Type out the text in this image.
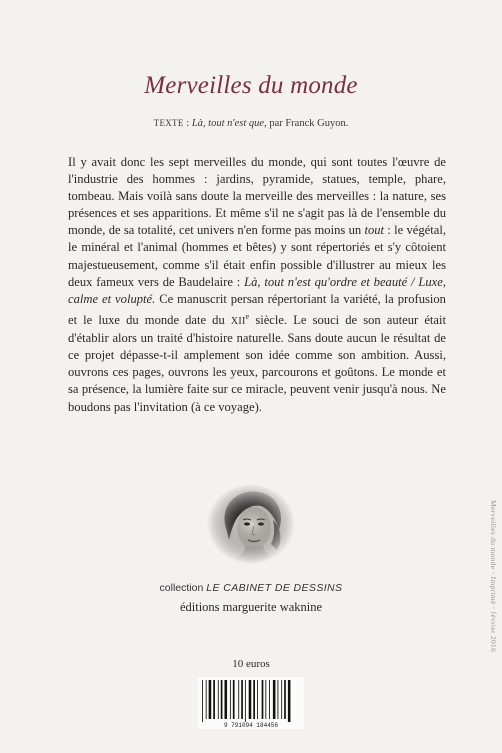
Merveilles du monde
TEXTE : Là, tout n'est que, par Franck Guyon.

Il y avait donc les sept merveilles du monde, qui sont toutes l'œuvre de l'industrie des hommes : jardins, pyramide, statues, temple, phare, tombeau. Mais voilà sans doute la merveille des merveilles : la nature, ses présences et ses apparitions. Et même s'il ne s'agit pas là de l'ensemble du monde, de sa totalité, cet univers n'en forme pas moins un tout : le végétal, le minéral et l'animal (hommes et bêtes) y sont répertoriés et s'y côtoient majestueusement, comme s'il était enfin possible d'illustrer au mieux les deux fameux vers de Baudelaire : Là, tout n'est qu'ordre et beauté / Luxe, calme et volupté. Ce manuscrit persan répertoriant la variété, la profusion et le luxe du monde date du XIIe siècle. Le souci de son auteur était d'établir alors un traité d'histoire naturelle. Sans doute aucun le résultat de ce projet dépasse-t-il amplement son idée comme son ambition. Aussi, ouvrons ces pages, ouvrons les yeux, parcourons et goûtons. Le monde et sa présence, la lumière faite sur ce miracle, peuvent venir jusqu'à nous. Ne boudons pas l'invitation (à ce voyage).

collection LE CABINET DE DESSINS
éditions marguerite waknine
10 euros
9 791094 184456
Merveilles du monde · Imprimé · février 2016
